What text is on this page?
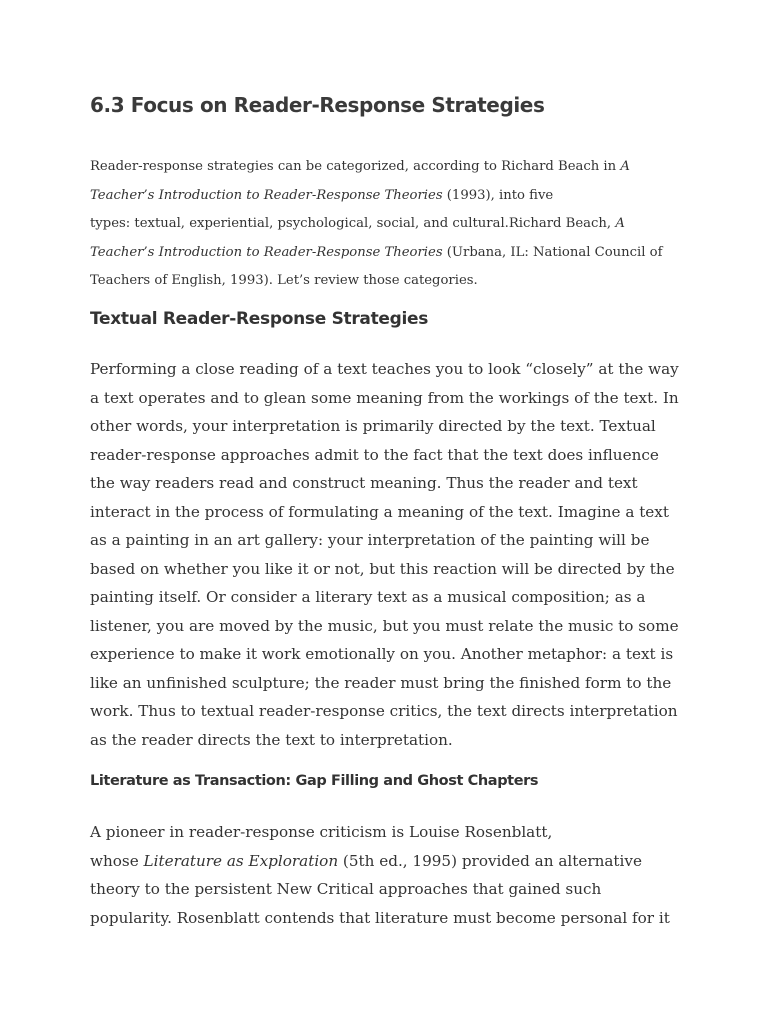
6.3 Focus on Reader-Response Strategies

Reader-response strategies can be categorized, according to Richard Beach in A
Teacher’s Introduction to Reader-Response Theories (1993), into five
types: textual, experiential, psychological, social, and cultural.Richard Beach, A
Teacher’s Introduction to Reader-Response Theories (Urbana, IL: National Council of
Teachers of English, 1993). Let’s review those categories.

Textual Reader-Response Strategies

Performing a close reading of a text teaches you to look “closely” at the way
a text operates and to glean some meaning from the workings of the text. In
other words, your interpretation is primarily directed by the text. Textual
reader-response approaches admit to the fact that the text does influence
the way readers read and construct meaning. Thus the reader and text
interact in the process of formulating a meaning of the text. Imagine a text
as a painting in an art gallery: your interpretation of the painting will be
based on whether you like it or not, but this reaction will be directed by the
painting itself. Or consider a literary text as a musical composition; as a
listener, you are moved by the music, but you must relate the music to some
experience to make it work emotionally on you. Another metaphor: a text is
like an unfinished sculpture; the reader must bring the finished form to the
work. Thus to textual reader-response critics, the text directs interpretation
as the reader directs the text to interpretation.

Literature as Transaction: Gap Filling and Ghost Chapters

A pioneer in reader-response criticism is Louise Rosenblatt,
whose Literature as Exploration (5th ed., 1995) provided an alternative
theory to the persistent New Critical approaches that gained such
popularity. Rosenblatt contends that literature must become personal for it
